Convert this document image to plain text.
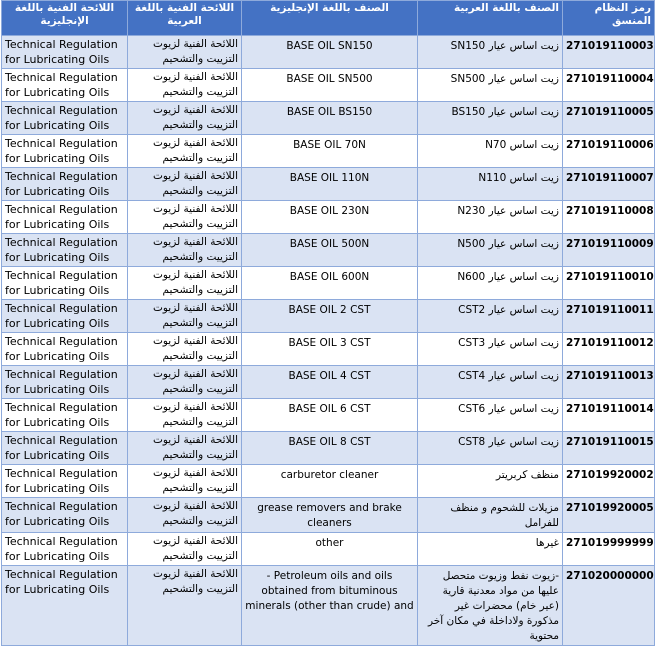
رمز النظام المنسق	الصنف باللغة العربية	الصنف باللغة الإنجليزية	اللائحة الفنية باللغة العربية	اللائحة الفنية باللغة الإنجليزية
271019110003	زيت اساس عيار SN150	BASE OIL SN150	اللائحة الفنية لزيوت التزييت والتشحيم	Technical Regulation for Lubricating Oils
271019110004	زيت اساس عيار SN500	BASE OIL SN500	اللائحة الفنية لزيوت التزييت والتشحيم	Technical Regulation for Lubricating Oils
271019110005	زيت اساس عيار BS150	BASE OIL BS150	اللائحة الفنية لزيوت التزييت والتشحيم	Technical Regulation for Lubricating Oils
271019110006	زيت اساس N70	BASE OIL 70N	اللائحة الفنية لزيوت التزييت والتشحيم	Technical Regulation for Lubricating Oils
271019110007	زيت اساس N110	BASE OIL 110N	اللائحة الفنية لزيوت التزييت والتشحيم	Technical Regulation for Lubricating Oils
271019110008	زيت اساس عيار N230	BASE OIL 230N	اللائحة الفنية لزيوت التزييت والتشحيم	Technical Regulation for Lubricating Oils
271019110009	زيت اساس عيار N500	BASE OIL 500N	اللائحة الفنية لزيوت التزييت والتشحيم	Technical Regulation for Lubricating Oils
271019110010	زيت اساس عيار N600	BASE OIL 600N	اللائحة الفنية لزيوت التزييت والتشحيم	Technical Regulation for Lubricating Oils
271019110011	زيت اساس عيار CST2	BASE OIL 2 CST	اللائحة الفنية لزيوت التزييت والتشحيم	Technical Regulation for Lubricating Oils
271019110012	زيت اساس عيار CST3	BASE OIL 3 CST	اللائحة الفنية لزيوت التزييت والتشحيم	Technical Regulation for Lubricating Oils
271019110013	زيت اساس عيار CST4	BASE OIL 4 CST	اللائحة الفنية لزيوت التزييت والتشحيم	Technical Regulation for Lubricating Oils
271019110014	زيت اساس عيار CST6	BASE OIL 6 CST	اللائحة الفنية لزيوت التزييت والتشحيم	Technical Regulation for Lubricating Oils
271019110015	زيت اساس عيار CST8	BASE OIL 8 CST	اللائحة الفنية لزيوت التزييت والتشحيم	Technical Regulation for Lubricating Oils
271019920002	منظف كربريتر	carburetor cleaner	اللائحة الفنية لزيوت التزييت والتشحيم	Technical Regulation for Lubricating Oils
271019920005	مزيلات للشحوم و منظف للفرامل	grease removers and brake cleaners	اللائحة الفنية لزيوت التزييت والتشحيم	Technical Regulation for Lubricating Oils
271019999999	غيرها	other	اللائحة الفنية لزيوت التزييت والتشحيم	Technical Regulation for Lubricating Oils
271020000000	-زيوت نفط وزيوت متحصل عليها من مواد معدنية قارية (عير خام) محضرات غير مذكورة ولاداخلة في مكان آخر محتوية	- Petroleum oils and oils obtained from bituminous minerals (other than crude) and	اللائحة الفنية لزيوت التزييت والتشحيم	Technical Regulation for Lubricating Oils
